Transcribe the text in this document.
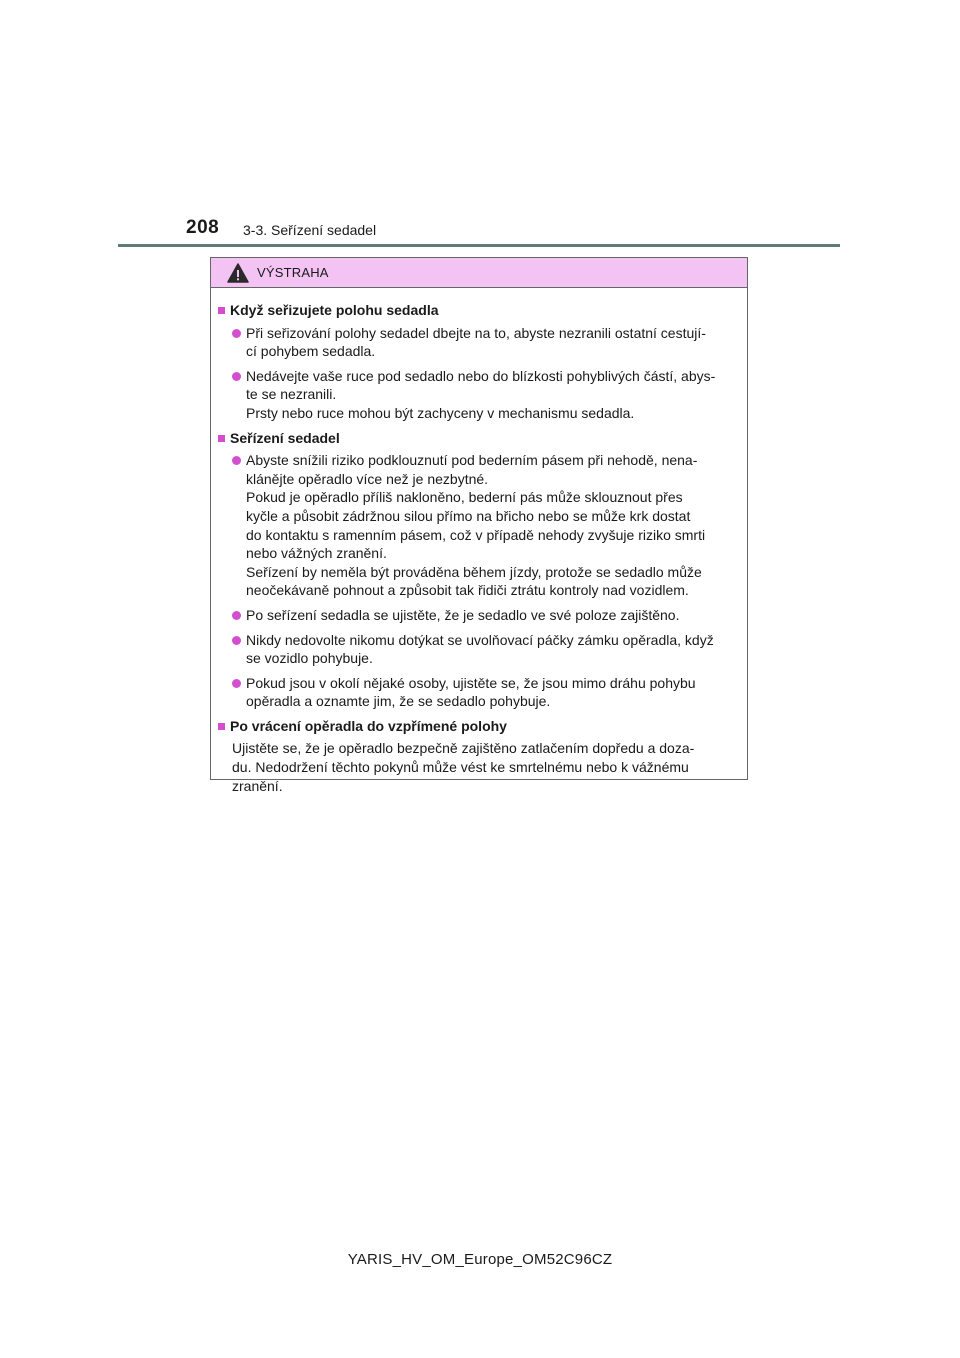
208 3-3. Seřízení sedadel
VÝSTRAHA
Když seřizujete polohu sedadla
Při seřizování polohy sedadel dbejte na to, abyste nezranili ostatní cestují-
cí pohybem sedadla.
Nedávejte vaše ruce pod sedadlo nebo do blízkosti pohyblivých částí, abys-
te se nezranili.
Prsty nebo ruce mohou být zachyceny v mechanismu sedadla.
Seřízení sedadel
Abyste snížili riziko podklouznutí pod bederním pásem při nehodě, nena-
klánějte opěradlo více než je nezbytné.
Pokud je opěradlo příliš nakloněno, bederní pás může sklouznout přes
kyčle a působit zádržnou silou přímo na břicho nebo se může krk dostat
do kontaktu s ramenním pásem, což v případě nehody zvyšuje riziko smrti
nebo vážných zranění.
Seřízení by neměla být prováděna během jízdy, protože se sedadlo může
neočekávaně pohnout a způsobit tak řidiči ztrátu kontroly nad vozidlem.
Po seřízení sedadla se ujistěte, že je sedadlo ve své poloze zajištěno.
Nikdy nedovolte nikomu dotýkat se uvolňovací páčky zámku opěradla, když
se vozidlo pohybuje.
Pokud jsou v okolí nějaké osoby, ujistěte se, že jsou mimo dráhu pohybu
opěradla a oznamte jim, že se sedadlo pohybuje.
Po vrácení opěradla do vzpřímené polohy
Ujistěte se, že je opěradlo bezpečně zajištěno zatlačením dopředu a doza-
du. Nedodržení těchto pokynů může vést ke smrtelnému nebo k vážnému
zranění.
YARIS_HV_OM_Europe_OM52C96CZ
